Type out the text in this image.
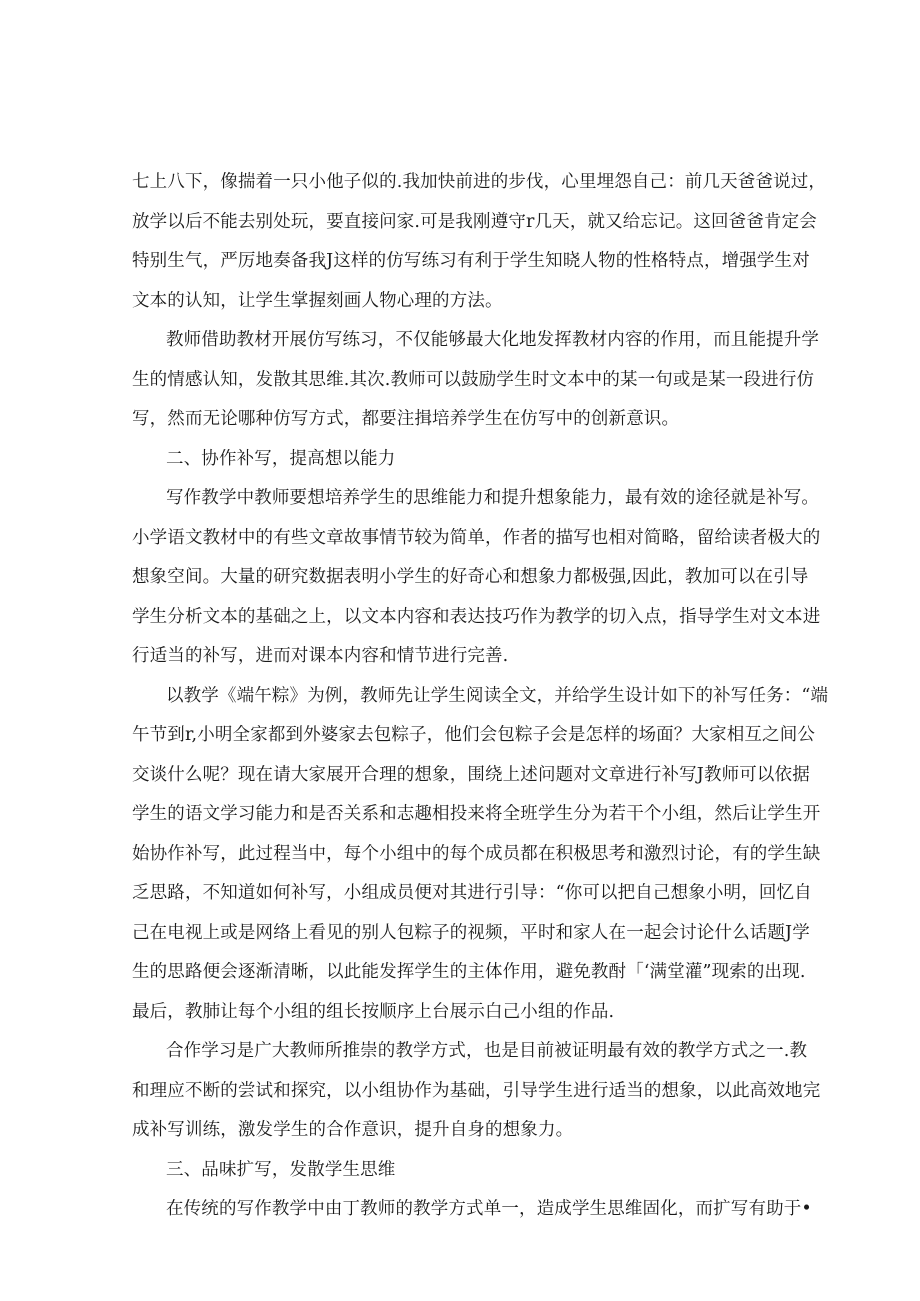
七上八下，像揣着一只小他子似的.我加快前进的步伐，心里埋怨自己：前几天爸爸说过，
放学以后不能去别处玩，要直接问家.可是我刚遵守r几天，就又给忘记。这回爸爸肯定会
特别生气，严厉地奏备我J这样的仿写练习有利于学生知晓人物的性格特点，增强学生对
文本的认知，让学生掌握刻画人物心理的方法。
教师借助教材开展仿写练习，不仅能够最大化地发挥教材内容的作用，而且能提升学
生的情感认知，发散其思维.其次.教师可以鼓励学生时文本中的某一句或是某一段进行仿
写，然而无论哪种仿写方式，都要注揖培养学生在仿写中的创新意识。
二、协作补写，提高想以能力
写作教学中教师要想培养学生的思维能力和提升想象能力，最有效的途径就是补写。
小学语文教材中的有些文章故事情节较为简单，作者的描写也相对简略，留给读者极大的
想象空间。大量的研究数据表明小学生的好奇心和想象力都极强,因此，教加可以在引导
学生分析文本的基础之上，以文本内容和表达技巧作为教学的切入点，指导学生对文本进
行适当的补写，进而对课本内容和情节进行完善.
以教学《端午粽》为例，教师先让学生阅读全文，并给学生设计如下的补写任务：“端
午节到r,小明全家都到外婆家去包粽子，他们会包粽子会是怎样的场面？大家相互之间公
交谈什么呢？现在请大家展开合理的想象，围绕上述问题对文章进行补写J教师可以依据
学生的语文学习能力和是否关系和志趣相投来将全班学生分为若干个小组，然后让学生开
始协作补写，此过程当中，每个小组中的每个成员都在积极思考和激烈讨论，有的学生缺
乏思路，不知道如何补写，小组成员便对其进行引导：“你可以把自己想象小明，回忆自
己在电视上或是网络上看见的别人包粽子的视频，平时和家人在一起会讨论什么话题J学
生的思路便会逐渐清晰，以此能发挥学生的主体作用，避免教酎「‘满堂灌”现索的出现.
最后，教肺让每个小组的组长按顺序上台展示白己小组的作品.
合作学习是广大教师所推崇的教学方式，也是目前被证明最有效的教学方式之一.教
和理应不断的尝试和探究，以小组协作为基础，引导学生进行适当的想象，以此高效地完
成补写训练，激发学生的合作意识，提升自身的想象力。
三、品味扩写，发散学生思维
在传统的写作教学中由丁教师的教学方式单一，造成学生思维固化，而扩写有助于•
